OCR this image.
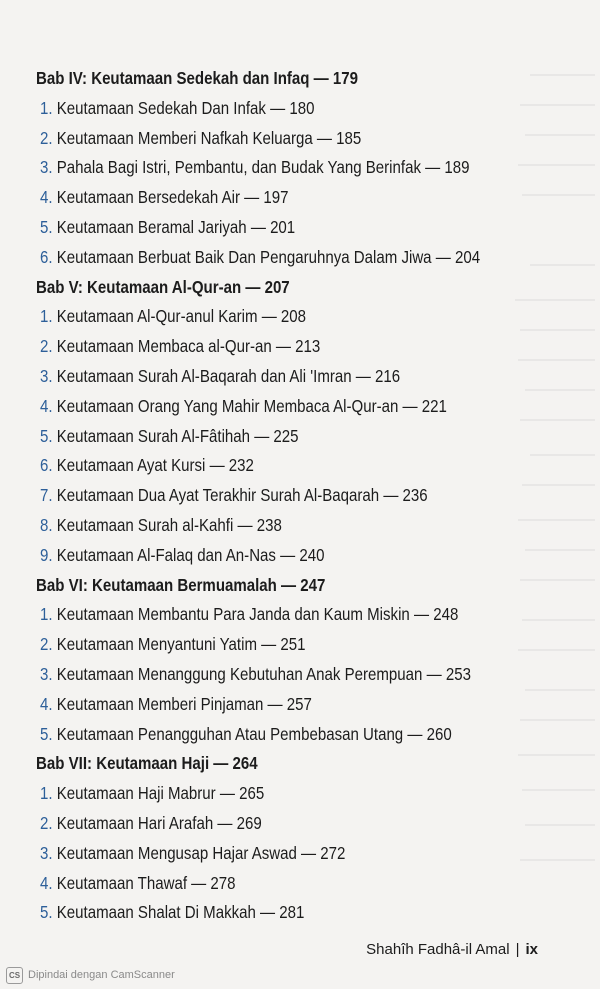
Bab IV: Keutamaan Sedekah dan Infaq — 179
1. Keutamaan Sedekah Dan Infak — 180
2. Keutamaan Memberi Nafkah Keluarga — 185
3. Pahala Bagi Istri, Pembantu, dan Budak Yang Berinfak — 189
4. Keutamaan Bersedekah Air — 197
5. Keutamaan Beramal Jariyah — 201
6. Keutamaan Berbuat Baik Dan Pengaruhnya Dalam Jiwa — 204
Bab V: Keutamaan Al-Qur-an — 207
1. Keutamaan Al-Qur-anul Karim — 208
2. Keutamaan Membaca al-Qur-an — 213
3. Keutamaan Surah Al-Baqarah dan Ali 'Imran — 216
4. Keutamaan Orang Yang Mahir Membaca Al-Qur-an — 221
5. Keutamaan Surah Al-Fâtihah — 225
6. Keutamaan Ayat Kursi — 232
7. Keutamaan Dua Ayat Terakhir Surah Al-Baqarah — 236
8. Keutamaan Surah al-Kahfi — 238
9. Keutamaan Al-Falaq dan An-Nas — 240
Bab VI: Keutamaan Bermuamalah — 247
1. Keutamaan Membantu Para Janda dan Kaum Miskin — 248
2. Keutamaan Menyantuni Yatim — 251
3. Keutamaan Menanggung Kebutuhan Anak Perempuan — 253
4. Keutamaan Memberi Pinjaman — 257
5. Keutamaan Penangguhan Atau Pembebasan Utang — 260
Bab VII: Keutamaan Haji — 264
1. Keutamaan Haji Mabrur — 265
2. Keutamaan Hari Arafah — 269
3. Keutamaan Mengusap Hajar Aswad — 272
4. Keutamaan Thawaf — 278
5. Keutamaan Shalat Di Makkah — 281
Shahîh Fadhâ-il Amal | ix
CS Dipindai dengan CamScanner
